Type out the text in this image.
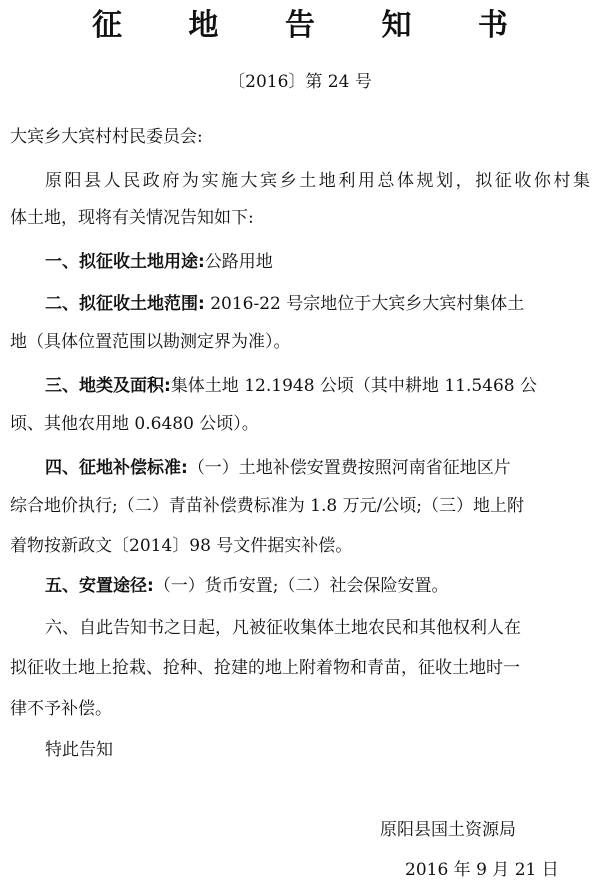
征 地 告 知 书
〔2016〕第 24 号
大宾乡大宾村村民委员会:
原阳县人民政府为实施大宾乡土地利用总体规划，拟征收你村集
体土地，现将有关情况告知如下:
一、拟征收土地用途:公路用地
二、拟征收土地范围: 2016-22 号宗地位于大宾乡大宾村集体土
地（具体位置范围以勘测定界为准）。
三、地类及面积:集体土地 12.1948 公顷（其中耕地 11.5468 公
顷、其他农用地 0.6480 公顷）。
四、征地补偿标准:（一）土地补偿安置费按照河南省征地区片
综合地价执行;（二）青苗补偿费标准为 1.8 万元/公顷;（三）地上附
着物按新政文〔2014〕98 号文件据实补偿。
五、安置途径:（一）货币安置;（二）社会保险安置。
六、自此告知书之日起，凡被征收集体土地农民和其他权利人在
拟征收土地上抢栽、抢种、抢建的地上附着物和青苗，征收土地时一
律不予补偿。
特此告知
原阳县国土资源局
2016 年 9 月 21 日
